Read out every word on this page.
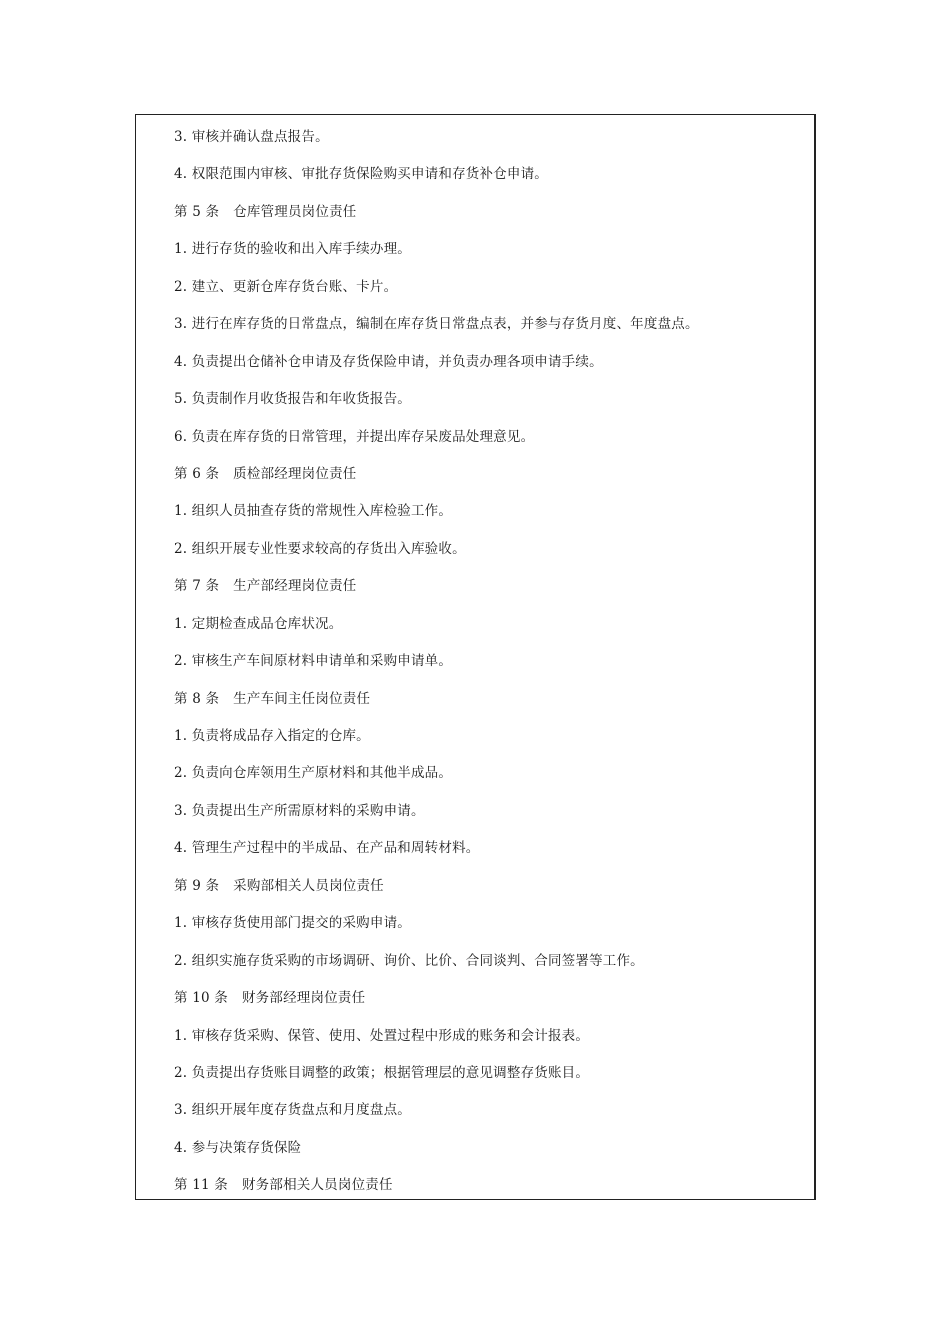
3. 审核并确认盘点报告。
4. 权限范围内审核、审批存货保险购买申请和存货补仓申请。
第 5 条 仓库管理员岗位责任
1. 进行存货的验收和出入库手续办理。
2. 建立、更新仓库存货台账、卡片。
3. 进行在库存货的日常盘点，编制在库存货日常盘点表，并参与存货月度、年度盘点。
4. 负责提出仓储补仓申请及存货保险申请，并负责办理各项申请手续。
5. 负责制作月收货报告和年收货报告。
6. 负责在库存货的日常管理，并提出库存呆废品处理意见。
第 6 条 质检部经理岗位责任
1. 组织人员抽查存货的常规性入库检验工作。
2. 组织开展专业性要求较高的存货出入库验收。
第 7 条 生产部经理岗位责任
1. 定期检查成品仓库状况。
2. 审核生产车间原材料申请单和采购申请单。
第 8 条 生产车间主任岗位责任
1. 负责将成品存入指定的仓库。
2. 负责向仓库领用生产原材料和其他半成品。
3. 负责提出生产所需原材料的采购申请。
4. 管理生产过程中的半成品、在产品和周转材料。
第 9 条 采购部相关人员岗位责任
1. 审核存货使用部门提交的采购申请。
2. 组织实施存货采购的市场调研、询价、比价、合同谈判、合同签署等工作。
第 10 条 财务部经理岗位责任
1. 审核存货采购、保管、使用、处置过程中形成的账务和会计报表。
2. 负责提出存货账目调整的政策；根据管理层的意见调整存货账目。
3. 组织开展年度存货盘点和月度盘点。
4. 参与决策存货保险
第 11 条 财务部相关人员岗位责任
